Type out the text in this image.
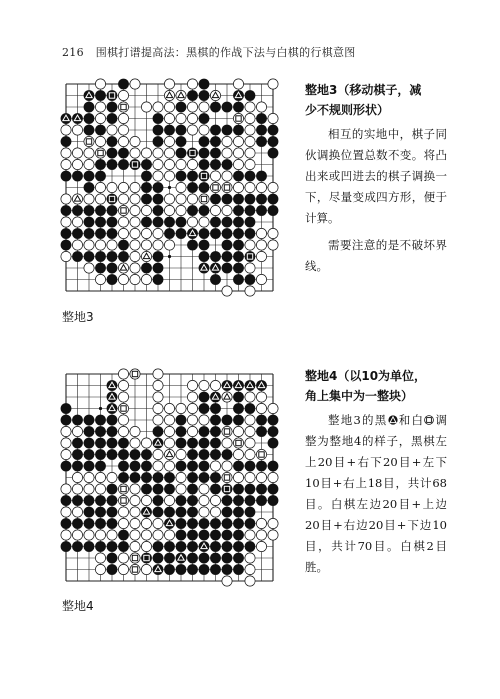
216 围棋打谱提高法：黑棋的作战下法与白棋的行棋意图
整地3
整地3（移动棋子，减
少不规则形状）

相互的实地中，棋子同伙调换位置总数不变。将凸出来或凹进去的棋子调换一下，尽量变成四方形，便于计算。

需要注意的是不破坏界线。

整地4
整地4（以10为单位，
角上集中为一整块）

整地3的黑 和白 调整为整地4的样子，黑棋左上20目+右下20目+左下10目+右上18目，共计68目。白棋左边20目+上边20目+右边20目+下边10目，共计70目。白棋2目胜。
